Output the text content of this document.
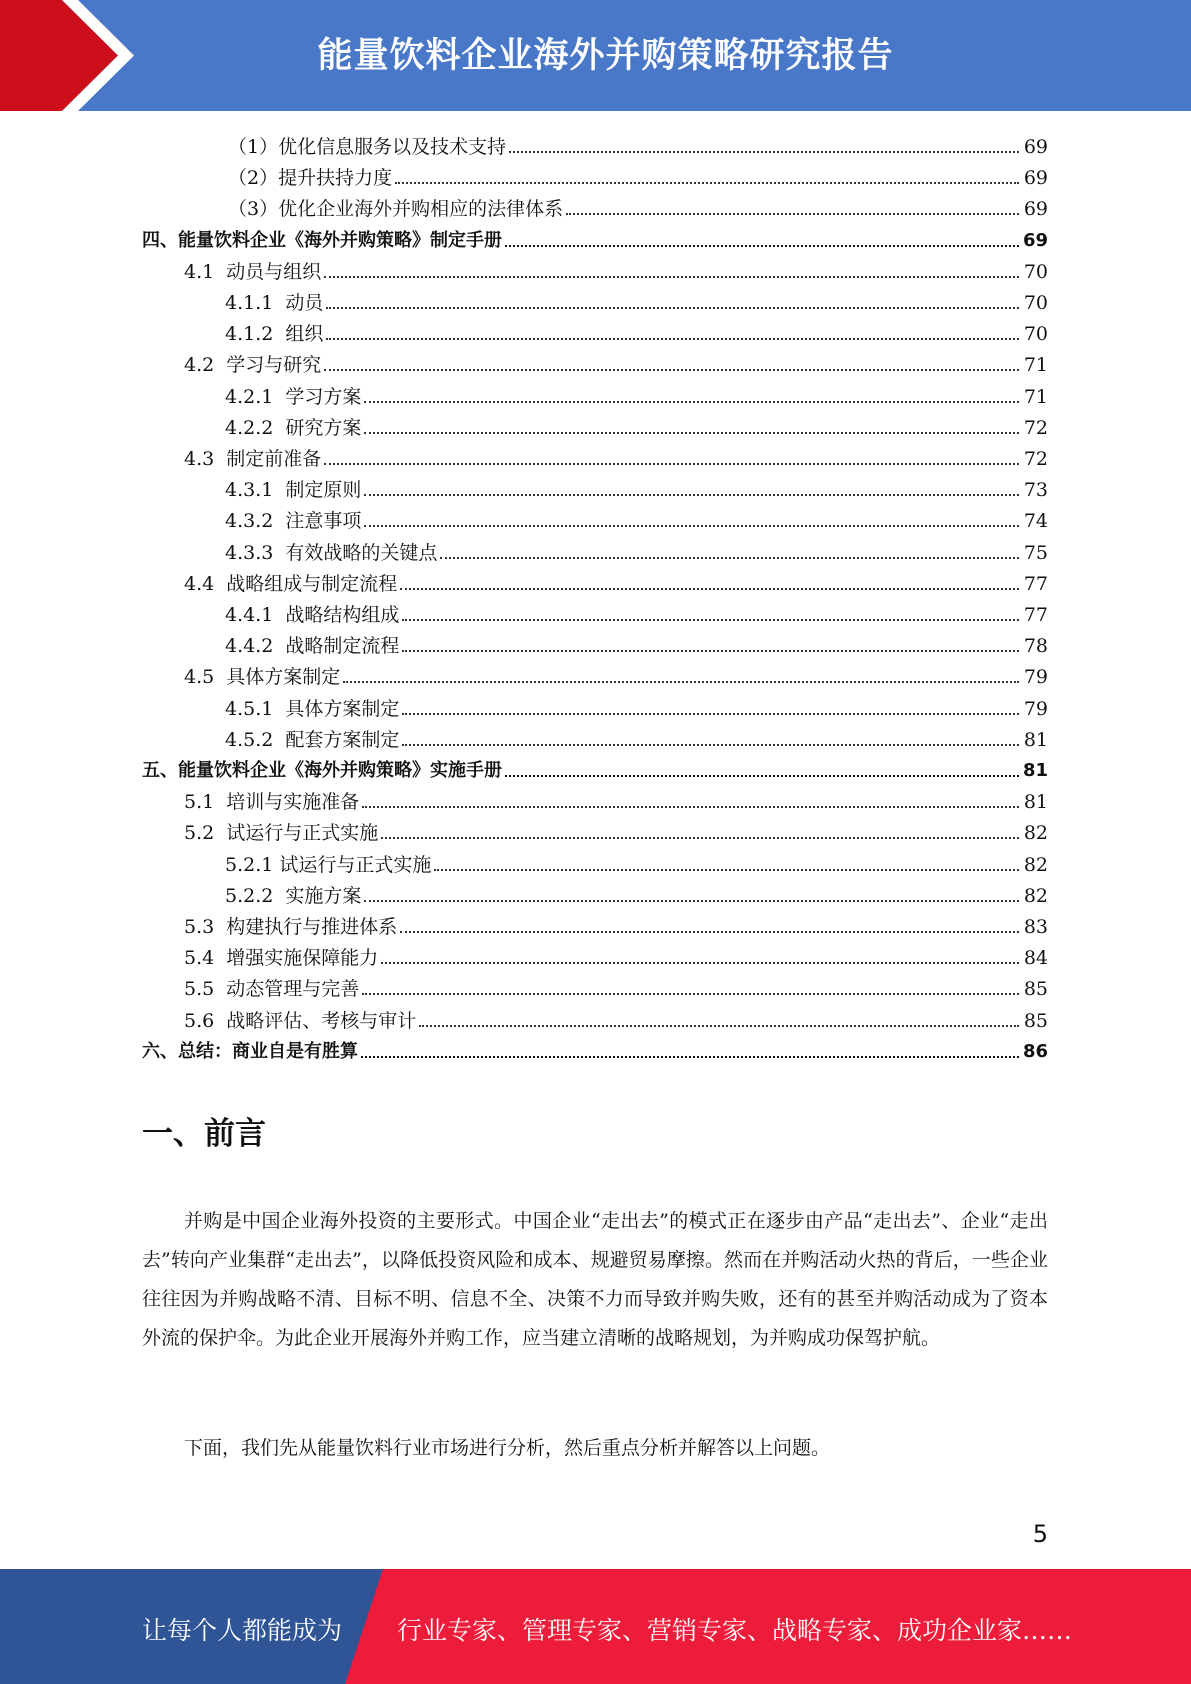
能量饮料企业海外并购策略研究报告
（1）优化信息服务以及技术支持	69
（2）提升扶持力度	69
（3）优化企业海外并购相应的法律体系	69
四、能量饮料企业《海外并购策略》制定手册	69
4.1  动员与组织	70
4.1.1  动员	70
4.1.2  组织	70
4.2  学习与研究	71
4.2.1  学习方案	71
4.2.2  研究方案	72
4.3  制定前准备	72
4.3.1  制定原则	73
4.3.2  注意事项	74
4.3.3  有效战略的关键点	75
4.4  战略组成与制定流程	77
4.4.1  战略结构组成	77
4.4.2  战略制定流程	78
4.5  具体方案制定	79
4.5.1  具体方案制定	79
4.5.2  配套方案制定	81
五、能量饮料企业《海外并购策略》实施手册	81
5.1  培训与实施准备	81
5.2  试运行与正式实施	82
5.2.1 试运行与正式实施	82
5.2.2  实施方案	82
5.3  构建执行与推进体系	83
5.4  增强实施保障能力	84
5.5  动态管理与完善	85
5.6  战略评估、考核与审计	85
六、总结：商业自是有胜算	86
一、前言
并购是中国企业海外投资的主要形式。中国企业“走出去”的模式正在逐步由产品“走出去”、企业“走出去”转向产业集群“走出去”，以降低投资风险和成本、规避贸易摩擦。然而在并购活动火热的背后，一些企业往往因为并购战略不清、目标不明、信息不全、决策不力而导致并购失败，还有的甚至并购活动成为了资本外流的保护伞。为此企业开展海外并购工作，应当建立清晰的战略规划，为并购成功保驾护航。
下面，我们先从能量饮料行业市场进行分析，然后重点分析并解答以上问题。
5
让每个人都能成为 行业专家、管理专家、营销专家、战略专家、成功企业家……
